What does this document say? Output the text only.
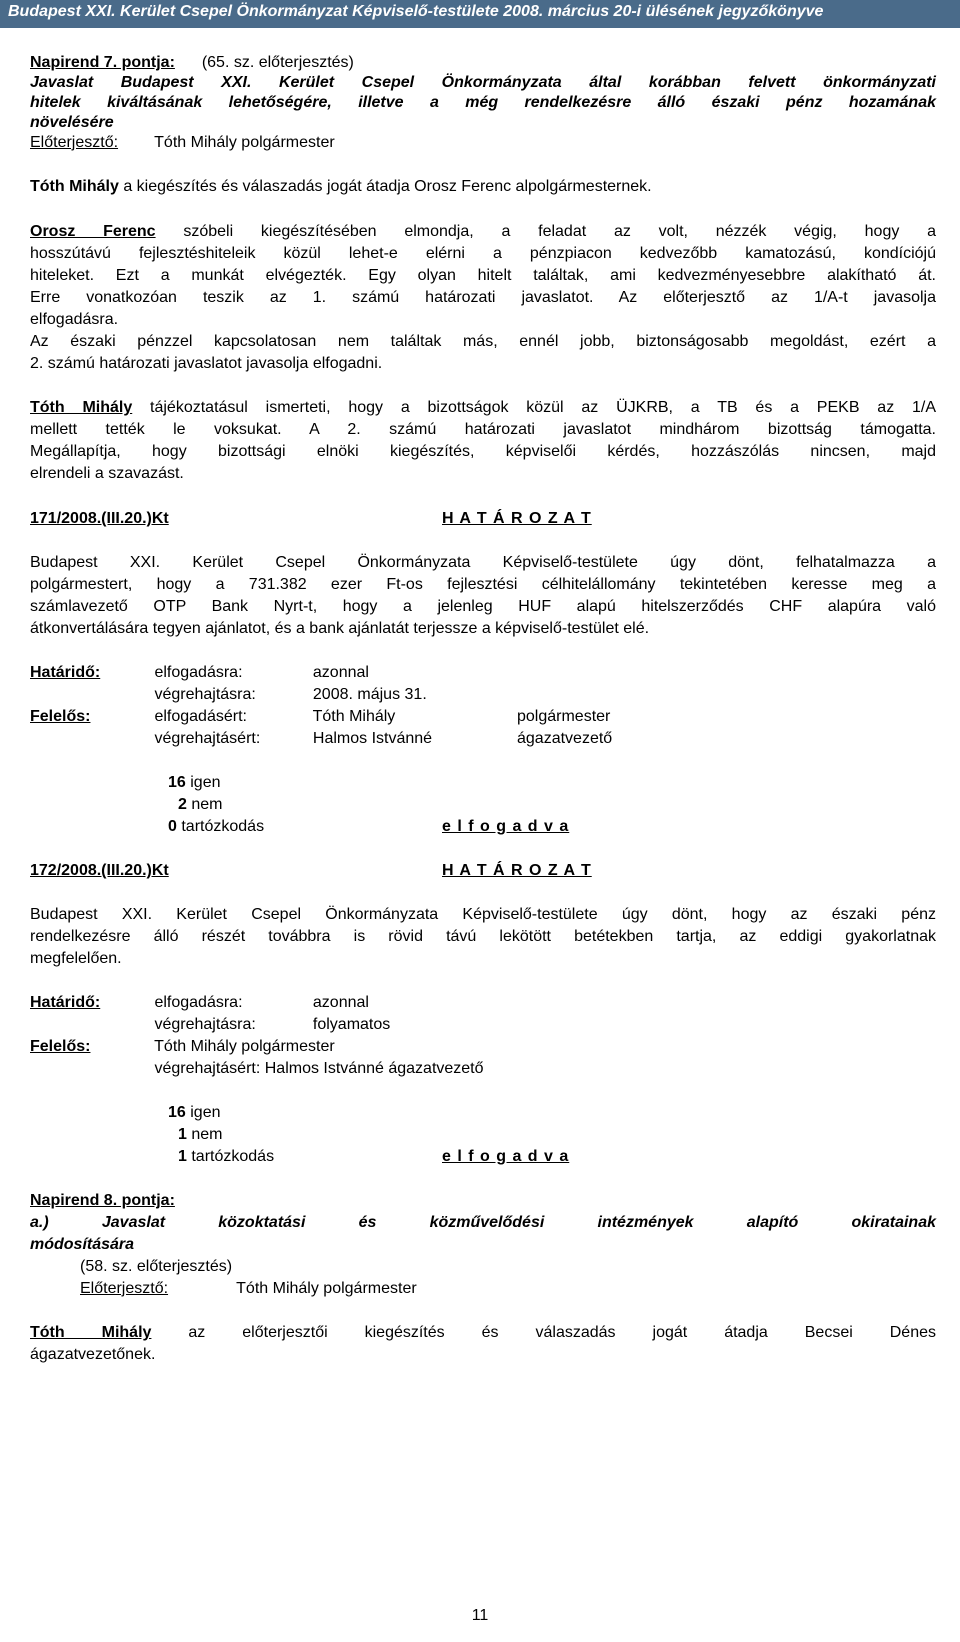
Budapest XXI. Kerület Csepel Önkormányzat Képviselő-testülete 2008. március 20-i ülésének jegyzőkönyve
Napirend 7. pontja: (65. sz. előterjesztés)
Javaslat Budapest XXI. Kerület Csepel Önkormányzata által korábban felvett önkormányzati
hitelek kiváltásának lehetőségére, illetve a még rendelkezésre álló északi pénz hozamának
növelésére
Előterjesztő: Tóth Mihály polgármester
Tóth Mihály a kiegészítés és válaszadás jogát átadja Orosz Ferenc alpolgármesternek.
Orosz Ferenc szóbeli kiegészítésében elmondja, a feladat az volt, nézzék végig, hogy a
hosszútávú fejlesztéshiteleik közül lehet-e elérni a pénzpiacon kedvezőbb kamatozású, kondíciójú
hiteleket. Ezt a munkát elvégezték. Egy olyan hitelt találtak, ami kedvezményesebbre alakítható át.
Erre vonatkozóan teszik az 1. számú határozati javaslatot. Az előterjesztő az 1/A-t javasolja
elfogadásra.
Az északi pénzzel kapcsolatosan nem találtak más, ennél jobb, biztonságosabb megoldást, ezért a
2. számú határozati javaslatot javasolja elfogadni.
Tóth Mihály tájékoztatásul ismerteti, hogy a bizottságok közül az ÜJKRB, a TB és a PEKB az 1/A
mellett tették le voksukat. A 2. számú határozati javaslatot mindhárom bizottság támogatta.
Megállapítja, hogy bizottsági elnöki kiegészítés, képviselői kérdés, hozzászólás nincsen, majd
elrendeli a szavazást.
171/2008.(III.20.)Kt	H A T Á R O Z A T
Budapest XXI. Kerület Csepel Önkormányzata Képviselő-testülete úgy dönt, felhatalmazza a
polgármestert, hogy a 731.382 ezer Ft-os fejlesztési célhitelállomány tekintetében keresse meg a
számlavezető OTP Bank Nyrt-t, hogy a jelenleg HUF alapú hitelszerződés CHF alapúra való
átkonvertálására tegyen ajánlatot, és a bank ajánlatát terjessze a képviselő-testület elé.
Határidő:	elfogadásra:	azonnal
végrehajtásra:	2008. május 31.
Felelős:	elfogadásért:	Tóth Mihály	polgármester
végrehajtásért:	Halmos Istvánné	ágazatvezető
16 igen
2 nem
0 tartózkodás	e l f o g a d v a
172/2008.(III.20.)Kt	H A T Á R O Z A T
Budapest XXI. Kerület Csepel Önkormányzata Képviselő-testülete úgy dönt, hogy az északi pénz
rendelkezésre álló részét továbbra is rövid távú lekötött betétekben tartja, az eddigi gyakorlatnak
megfelelően.
Határidő:	elfogadásra:	azonnal
végrehajtásra:	folyamatos
Felelős:	Tóth Mihály polgármester
végrehajtásért: Halmos Istvánné ágazatvezető
16 igen
1 nem
1 tartózkodás	e l f o g a d v a
Napirend 8. pontja:
a.) Javaslat közoktatási és közművelődési intézmények alapító okiratainak
módosítására
(58. sz. előterjesztés)
Előterjesztő:	Tóth Mihály polgármester
Tóth Mihály az előterjesztői kiegészítés és válaszadás jogát átadja Becsei Dénes
ágazatvezetőnek.
11
